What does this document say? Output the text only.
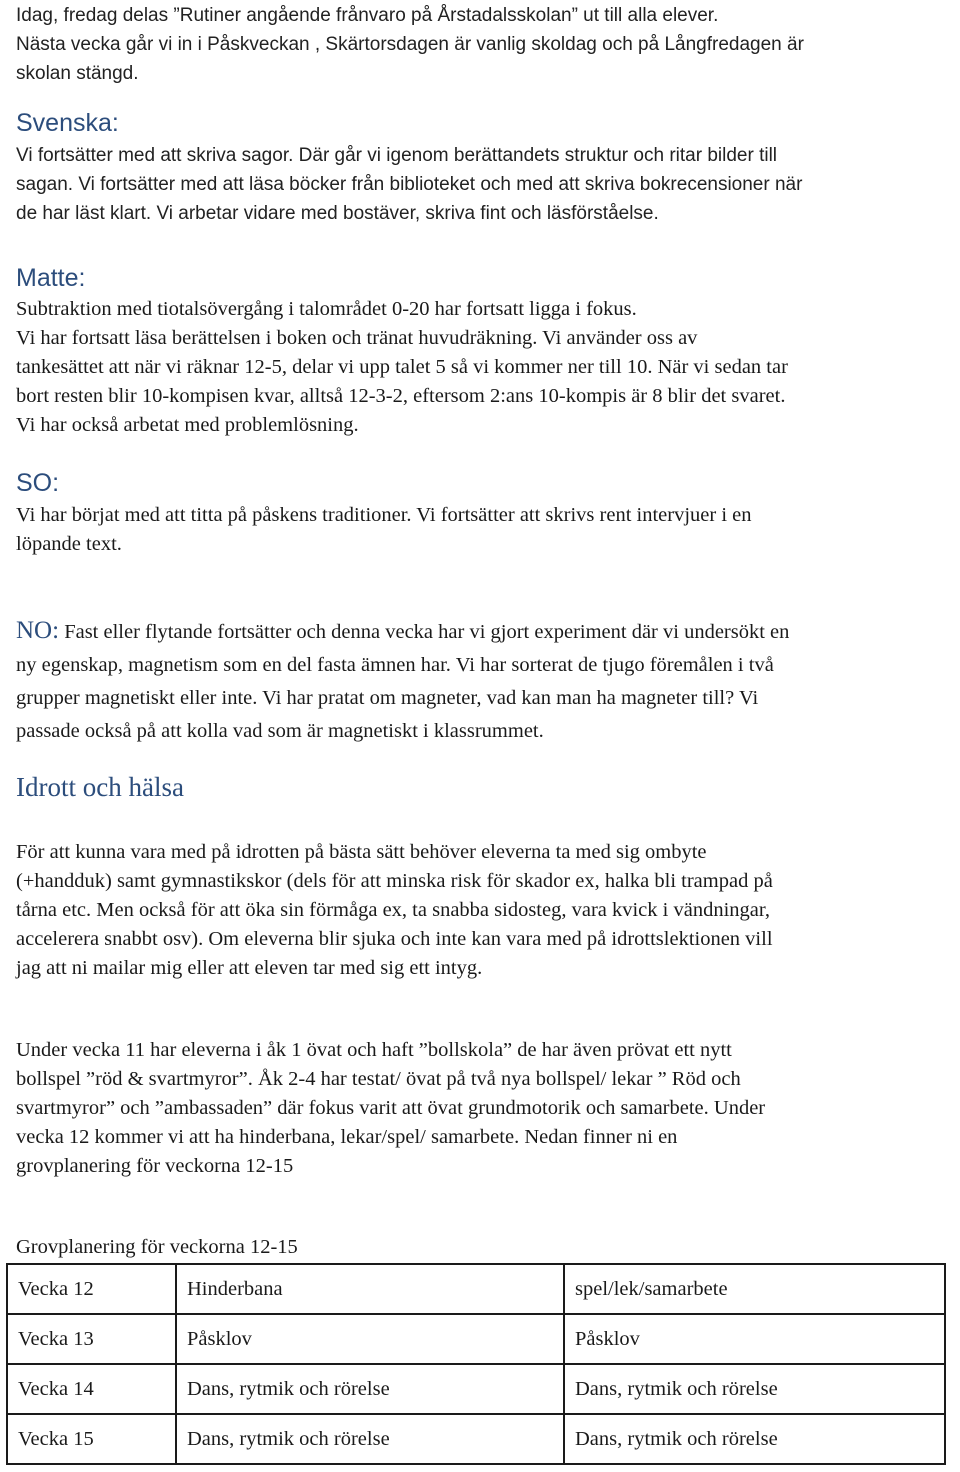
Idag, fredag delas ”Rutiner angående frånvaro på Årstadalsskolan” ut till alla elever.
Nästa vecka går vi in i Påskveckan , Skärtorsdagen är vanlig skoldag och på Långfredagen är
skolan stängd.
Svenska:
Vi fortsätter med att skriva sagor. Där går vi igenom berättandets struktur och ritar bilder till
sagan. Vi fortsätter med att läsa böcker från biblioteket och med att skriva bokrecensioner när
de har läst klart. Vi arbetar vidare med bostäver, skriva fint och läsförståelse.
Matte:
Subtraktion med tiotalsövergång i talområdet 0-20 har fortsatt ligga i fokus.
Vi har fortsatt läsa berättelsen i boken och tränat huvudräkning. Vi använder oss av
tankesättet att när vi räknar 12-5, delar vi upp talet 5 så vi kommer ner till 10. När vi sedan tar
bort resten blir 10-kompisen kvar, alltså 12-3-2, eftersom 2:ans 10-kompis är 8 blir det svaret.
Vi har också arbetat med problemlösning.
SO:
Vi har börjat med att titta på påskens traditioner. Vi fortsätter att skrivs rent intervjuer i en
löpande text.
NO: Fast eller flytande fortsätter och denna vecka har vi gjort experiment där vi undersökt en
ny egenskap, magnetism som en del fasta ämnen har. Vi har sorterat de tjugo föremålen i två
grupper magnetiskt eller inte. Vi har pratat om magneter, vad kan man ha magneter till? Vi
passade också på att kolla vad som är magnetiskt i klassrummet.
Idrott och hälsa
För att kunna vara med på idrotten på bästa sätt behöver eleverna ta med sig ombyte
(+handduk) samt gymnastikskor (dels för att minska risk för skador ex, halka bli trampad på
tårna etc. Men också för att öka sin förmåga ex, ta snabba sidosteg, vara kvick i vändningar,
accelerera snabbt osv). Om eleverna blir sjuka och inte kan vara med på idrottslektionen vill
jag att ni mailar mig eller att eleven tar med sig ett intyg.
Under vecka 11 har eleverna i åk 1 övat och haft ”bollskola” de har även prövat ett nytt
bollspel ”röd & svartmyror”. Åk 2-4 har testat/ övat på två nya bollspel/ lekar ” Röd och
svartmyror” och ”ambassaden” där fokus varit att övat grundmotorik och samarbete. Under
vecka 12 kommer vi att ha hinderbana, lekar/spel/ samarbete. Nedan finner ni en
grovplanering för veckorna 12-15
Grovplanering för veckorna 12-15
Vecka 12	Hinderbana	spel/lek/samarbete
Vecka 13	Påsklov	Påsklov
Vecka 14	Dans, rytmik och rörelse	Dans, rytmik och rörelse
Vecka 15	Dans, rytmik och rörelse	Dans, rytmik och rörelse
